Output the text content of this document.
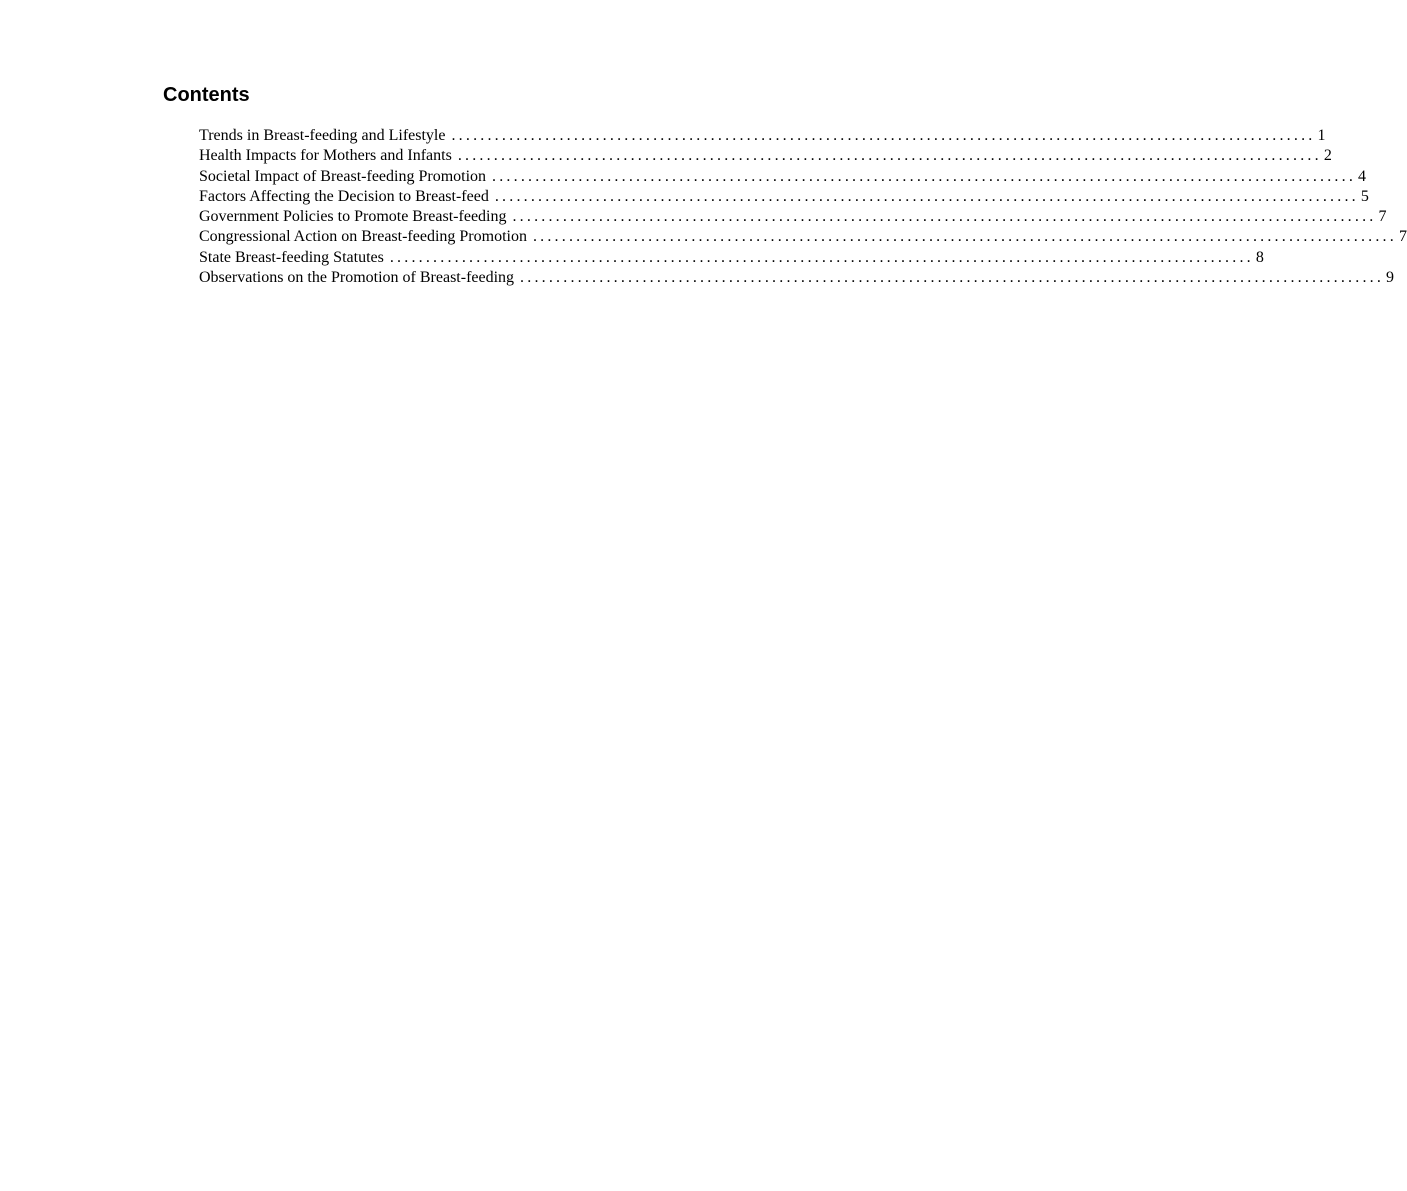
Contents
Trends in Breast-feeding and Lifestyle ........................................................................................................................ 1
Health Impacts for Mothers and Infants ........................................................................................................................ 2
Societal Impact of Breast-feeding Promotion ........................................................................................................................ 4
Factors Affecting the Decision to Breast-feed ........................................................................................................................ 5
Government Policies to Promote Breast-feeding ........................................................................................................................ 7
Congressional Action on Breast-feeding Promotion ........................................................................................................................ 7
State Breast-feeding Statutes ........................................................................................................................ 8
Observations on the Promotion of Breast-feeding ........................................................................................................................ 9
